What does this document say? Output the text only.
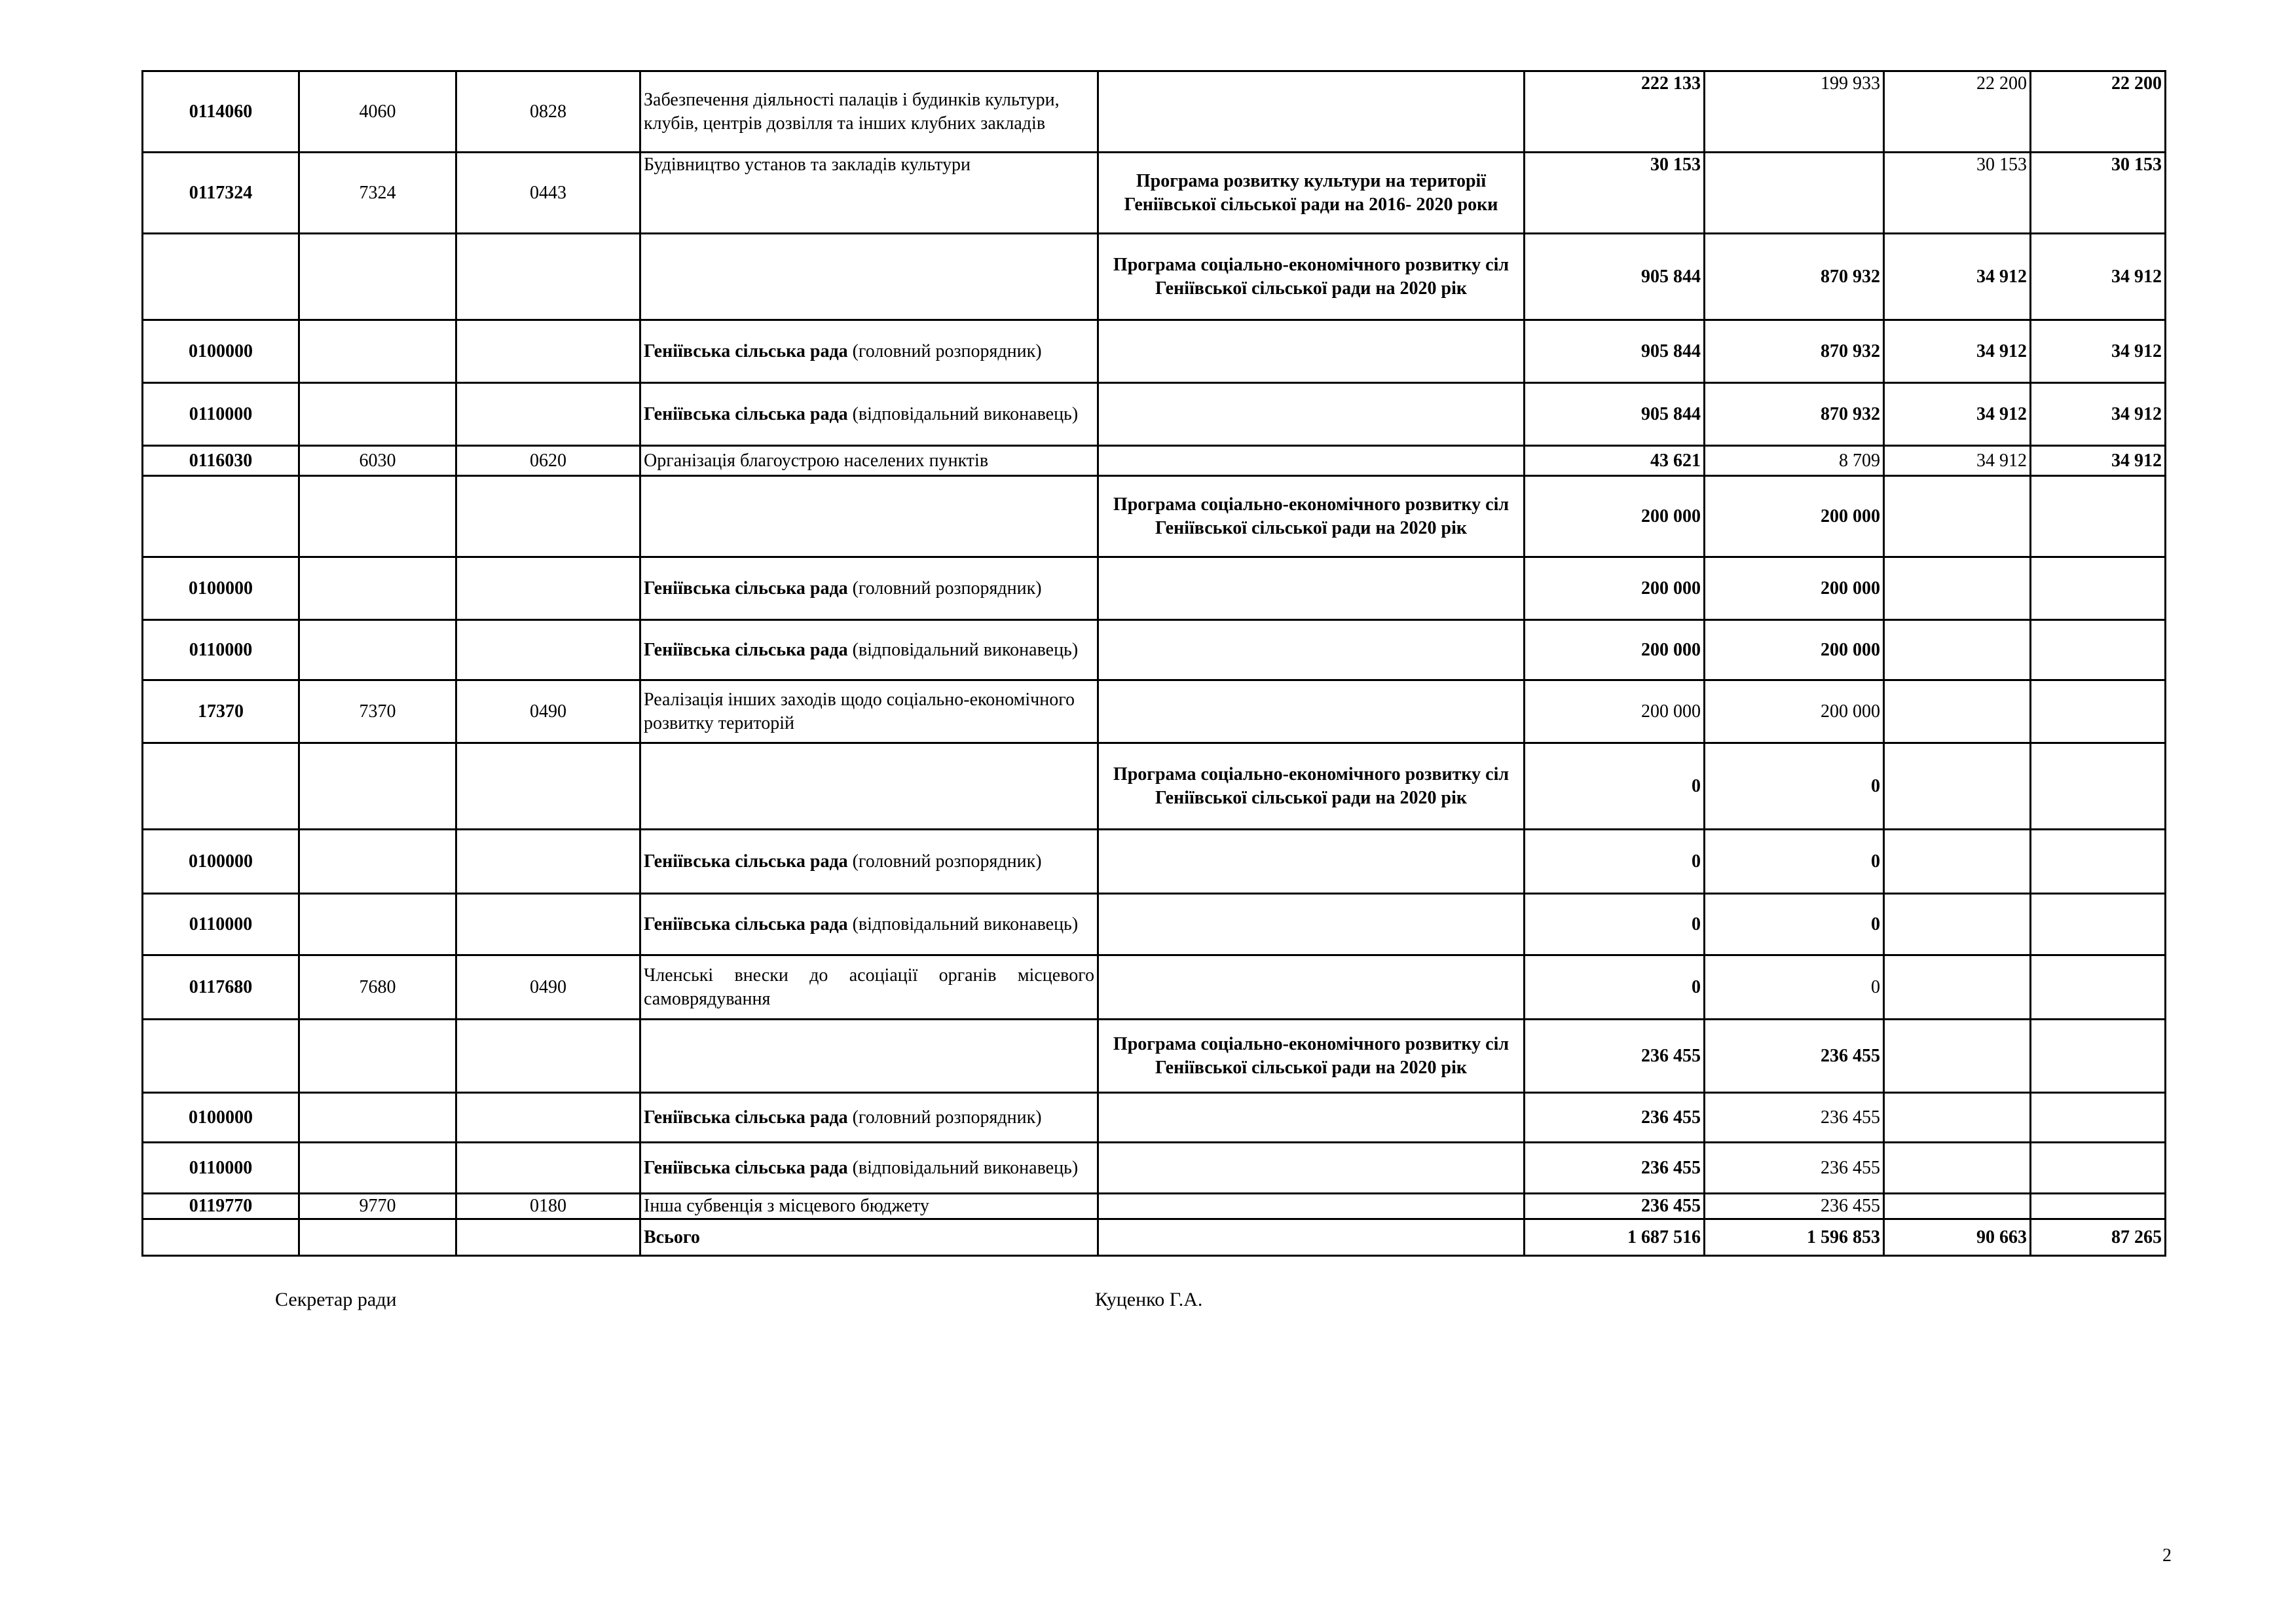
0114060	4060	0828	Забезпечення діяльності палаців і будинків культури, клубів, центрів дозвілля та інших клубних закладів		222 133	199 933	22 200	22 200
0117324	7324	0443	Будівництво установ та закладів культури	Програма розвитку культури на території Геніївської сільської ради на 2016- 2020 роки	30 153		30 153	30 153
				Програма соціально-економічного розвитку сіл Геніївської сільської ради на 2020 рік	905 844	870 932	34 912	34 912
0100000			Геніївська сільська рада (головний розпорядник)		905 844	870 932	34 912	34 912
0110000			Геніївська сільська рада (відповідальний виконавець)		905 844	870 932	34 912	34 912
0116030	6030	0620	Організація благоустрою населених пунктів		43 621	8 709	34 912	34 912
				Програма соціально-економічного розвитку сіл Геніївської сільської ради на 2020 рік	200 000	200 000		
0100000			Геніївська сільська рада (головний розпорядник)		200 000	200 000		
0110000			Геніївська сільська рада (відповідальний виконавець)		200 000	200 000		
17370	7370	0490	Реалізація інших заходів щодо соціально-економічного розвитку територій		200 000	200 000		
				Програма соціально-економічного розвитку сіл Геніївської сільської ради на 2020 рік	0	0		
0100000			Геніївська сільська рада (головний розпорядник)		0	0		
0110000			Геніївська сільська рада (відповідальний виконавець)		0	0		
0117680	7680	0490	Членські внески до асоціації органів місцевого самоврядування		0	0		
				Програма соціально-економічного розвитку сіл Геніївської сільської ради на 2020 рік	236 455	236 455		
0100000			Геніївська сільська рада (головний розпорядник)		236 455	236 455		
0110000			Геніївська сільська рада (відповідальний виконавець)		236 455	236 455		
0119770	9770	0180	Інша субвенція з місцевого бюджету		236 455	236 455		
			Всього		1 687 516	1 596 853	90 663	87 265
Секретар ради	Куценко Г.А.
2
